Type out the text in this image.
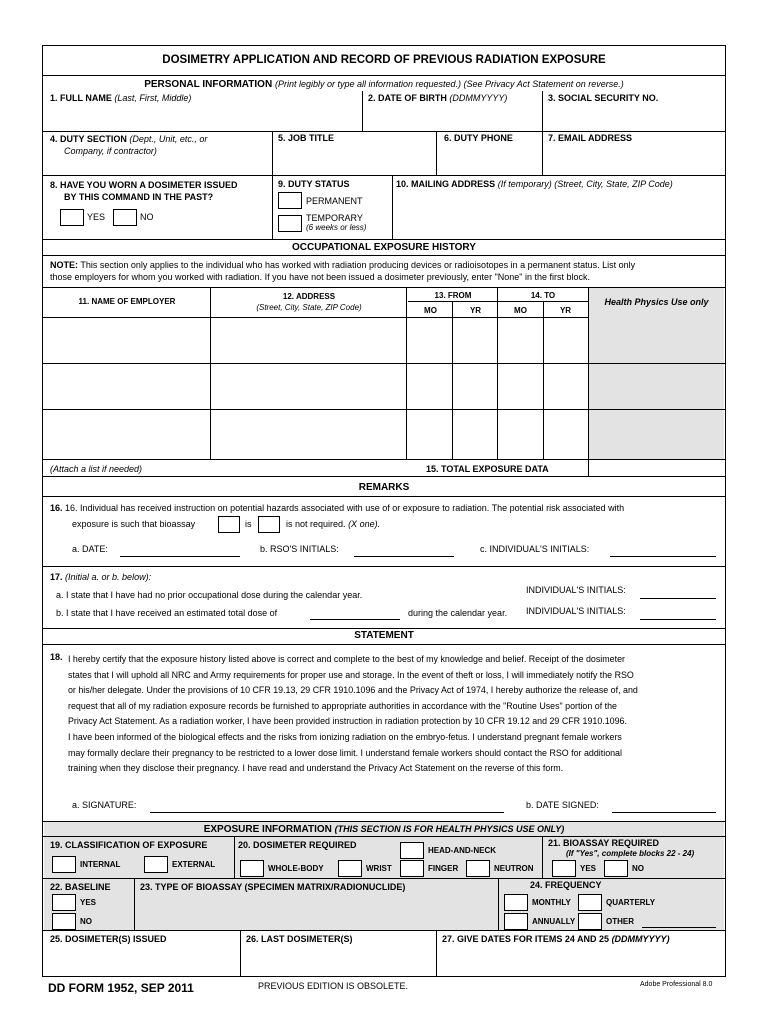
DOSIMETRY APPLICATION AND RECORD OF PREVIOUS RADIATION EXPOSURE
PERSONAL INFORMATION (Print legibly or type all information requested.) (See Privacy Act Statement on reverse.)
1. FULL NAME (Last, First, Middle)	2. DATE OF BIRTH (DDMMYYYY)	3. SOCIAL SECURITY NO.
4. DUTY SECTION (Dept., Unit, etc., or
Company, if contractor)
5. JOB TITLE	6. DUTY PHONE	7. EMAIL ADDRESS
8. HAVE YOU WORN A DOSIMETER ISSUED
BY THIS COMMAND IN THE PAST?
YES	NO
9. DUTY STATUS
PERMANENT
TEMPORARY
(6 weeks or less)
10. MAILING ADDRESS (If temporary) (Street, City, State, ZIP Code)
OCCUPATIONAL EXPOSURE HISTORY
NOTE: This section only applies to the individual who has worked with radiation producing devices or radioisotopes in a permanent status. List only
those employers for whom you worked with radiation. If you have not been issued a dosimeter previously, enter "None" in the first block.
11. NAME OF EMPLOYER
12. ADDRESS
(Street, City, State, ZIP Code)
13. FROM	14. TO
MO	YR	MO	YR
Health Physics Use only
(Attach a list if needed)	15. TOTAL EXPOSURE DATA
REMARKS
16. 16. Individual has received instruction on potential hazards associated with use of or exposure to radiation. The potential risk associated with
exposure is such that bioassay	is	is not required. (X one).
a. DATE:	b. RSO'S INITIALS:	c. INDIVIDUAL'S INITIALS:
17. (Initial a. or b. below):
a. I state that I have had no prior occupational dose during the calendar year.	INDIVIDUAL'S INITIALS:
b. I state that I have received an estimated total dose of	during the calendar year. INDIVIDUAL'S INITIALS:
STATEMENT
18. I hereby certify that the exposure history listed above is correct and complete to the best of my knowledge and belief. Receipt of the dosimeter
states that I will uphold all NRC and Army requirements for proper use and storage. In the event of theft or loss, I will immediately notify the RSO
or his/her delegate. Under the provisions of 10 CFR 19.13, 29 CFR 1910.1096 and the Privacy Act of 1974, I hereby authorize the release of, and
request that all of my radiation exposure records be furnished to appropriate authorities in accordance with the "Routine Uses" portion of the
Privacy Act Statement. As a radiation worker, I have been provided instruction in radiation protection by 10 CFR 19.12 and 29 CFR 1910.1096.
I have been informed of the biological effects and the risks from ionizing radiation on the embryo-fetus. I understand pregnant female workers
may formally declare their pregnancy to be restricted to a lower dose limit. I understand female workers should contact the RSO for additional
training when they disclose their pregnancy. I have read and understand the Privacy Act Statement on the reverse of this form.
a. SIGNATURE:	b. DATE SIGNED:
EXPOSURE INFORMATION (THIS SECTION IS FOR HEALTH PHYSICS USE ONLY)
19. CLASSIFICATION OF EXPOSURE
INTERNAL	EXTERNAL
20. DOSIMETER REQUIRED
HEAD-AND-NECK
WHOLE-BODY	WRIST	FINGER	NEUTRON
21. BIOASSAY REQUIRED
(If "Yes", complete blocks 22 - 24)
YES	NO
22. BASELINE
YES
NO
23. TYPE OF BIOASSAY (SPECIMEN MATRIX/RADIONUCLIDE)	24. FREQUENCY
MONTHLY	QUARTERLY
ANNUALLY	OTHER
25. DOSIMETER(S) ISSUED	26. LAST DOSIMETER(S)	27. GIVE DATES FOR ITEMS 24 AND 25 (DDMMYYYY)
DD FORM 1952, SEP 2011	PREVIOUS EDITION IS OBSOLETE.	Adobe Professional 8.0
